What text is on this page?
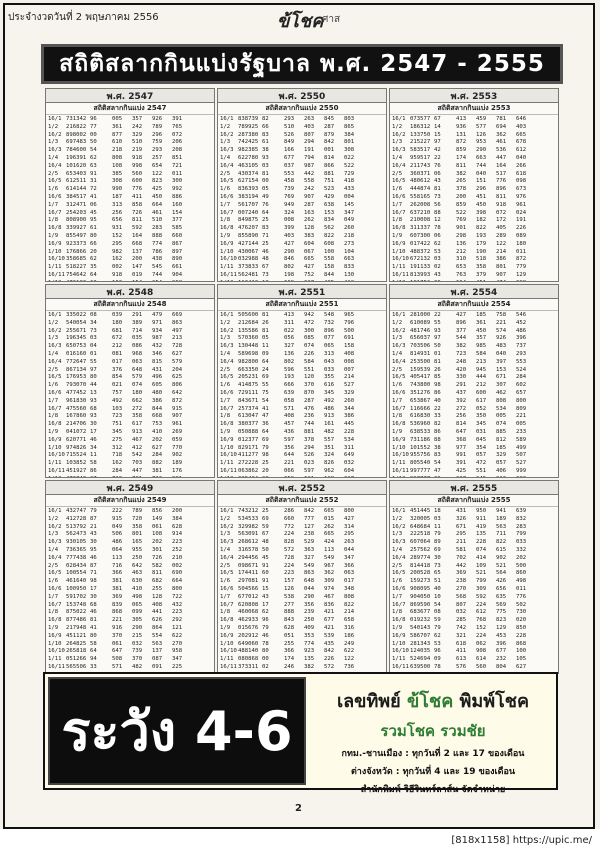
ประจำงวดวันที่ 2 พฤษภาคม 2556	ข้โชค
ศาส
สถิติสลากกินแบ่งรัฐบาล พ.ศ. 2547 - 2555
พ.ศ. 2547
สถิติสลากกินแบ่ง 2547
16/1 731342 96	005	357	926	391
1/2	216822 77	361	242	789	765
16/2 898002 00	877	329	296	072
1/3	697483 50	610	510	759	206
16/3 784600 54	218	219	293	208
1/4	196391 62	808	918	257	851
16/4 101620 63	108	998	654	721
2/5	653403 91	385	560	122	011
16/5 612511 31	308	600	823	300
1/6	614144 72	990	776	425	992
16/6 384517 41	187	411	450	886
1/7	312471 06	313	858	664	160
16/7 254203 45	256	726	461	154
1/8	808900 95	656	811	510	377
16/8 339927 61	931	592	283	585
1/9	855497 80	152	164	888	660
16/9 923373 66	295	668	774	867
1/10 176866 20	982	137	786	897
16/10 358685 62	162	200	438	890
1/11 518227 35	002	147	545	661
16/11 754642 64	918	019	744	904
พ.ศ. 2550
สถิติสลากกินแบ่ง 2550
16/1 838739 82	293	263	845	803
1/2	789925 66	510	403	287	865
16/2 287380 83	526	807	879	384
1/3	742425 61	849	294	842	801
16/3 982385 38	166	191	001	308
1/4	622780 93	677	794	814	022
16/4 463105 03	037	987	866	522
2/5	430374 81	553	442	881	729
16/5 627154 00	458	558	751	418
1/6	836393 05	739	242	523	433
16/6 383194 49	769	907	429	004
1/7	561707 76	949	287	638	145
16/7 007240 64	324	163	153	347
1/8	849875 25	008	262	834	049
16/8 476207 83	399	128	562	260
1/9	855890 71	403	383	822	218
16/9 427144 25	427	604	608	273
1/10 430067 46	290	067	100	104
16/10 032988 48	846	665	558	663
1/11 373833 67	802	427	158	833
16/11 562481 73	198	752	844	130
พ.ศ. 2553
สถิติสลากกินแบ่ง 2553
16/1 073577 67	413	459	781	646
1/2	186312 14	936	577	694	403
16/2 133750 15	131	126	362	665
1/3	215227 97	872	953	461	678
16/3 583517 42	859	290	536	612
1/4	959517 22	174	663	447	040
16/4 211743 76	811	744	164	266
2/5	360371 06	382	040	517	618
16/5 480612 43	265	151	776	098
1/6	444874 81	378	296	896	673
16/6 558165 73	200	451	811	976
1/7	262008 56	859	450	918	961
16/7 637210 88	522	398	072	024
1/8	210008 12	769	182	172	191
16/8 311337 78	901	822	405	226
1/9	607300 06	298	193	289	089
16/9 017422 62	136	179	122	180
1/10 488372 53	212	190	214	011
16/10 672132 03	310	518	386	872
1/11 191133 02	653	358	801	779
16/11 813993 43	763	379	907	129
พ.ศ. 2548
สถิติสลากกินแบ่ง 2548
16/1 335022 08	039	291	479	669
1/2	540054 34	180	389	971	863
16/2 255671 73	681	714	934	497
1/3	196345 03	672	035	987	213
16/3 650753 04	212	086	432	728
1/4	016160 01	081	968	346	627
16/4 772647 55	017	063	815	579
2/5	867134 97	376	648	431	204
16/5 176953 80	854	579	496	625
1/6	793070 44	021	074	605	806
16/6 477452 13	757	180	480	642
1/7	961830 93	492	662	386	872
16/7 475560 68	103	272	844	915
1/8	167860 93	723	358	668	907
16/8 214706 30	751	617	753	961
1/9	041072 17	345	913	410	269
16/9 620771 46	275	467	202	059
1/10 974826 34	312	412	627	770
16/10 715524 11	718	542	284	902
1/11 103852 58	162	703	882	189
16/11 451927 86	284	447	381	176
พ.ศ. 2551
สถิติสลากกินแบ่ง 2551
16/1 505600 81	413	942	548	965
1/2	212684 26	311	472	732	796
16/2 135586 81	022	300	896	500
1/3	570360 05	056	085	077	691
16/3 130448 11	327	074	065	158
1/4	589698 09	136	226	313	408
16/4 982800 64	802	584	043	008
2/5	663350 24	596	551	033	007
16/5 205231 69	193	120	355	214
1/6	414875 55	666	370	616	527
16/6 729111 75	639	870	345	329
1/7	843671 54	058	287	492	260
16/7 257374 41	571	476	486	344
1/8	613047 47	408	236	913	386
16/8 380377 36	457	744	161	445
1/9	050888 64	436	881	482	228
16/9 012377 69	597	378	557	534
1/10 829171 79	356	294	351	311
16/10 411277 98	644	526	324	649
1/11 272228 25	221	023	826	032
16/11 063862 20	066	597	962	604
พ.ศ. 2554
สถิติสลากกินแบ่ง 2554
16/1 281000 22	427	185	758	546
1/2	610089 55	896	361	221	452
16/2 481746 93	377	450	574	486
1/3	656037 97	544	357	926	396
16/3 703506 50	382	985	483	737
1/4	814931 01	723	584	040	293
16/4 253500 81	248	213	397	553
2/5	159539 26	420	945	153	524
16/5 405417 85	330	444	671	284
1/6	743800 98	291	212	307	602
16/6 351276 86	437	600	462	657
1/7	653867 40	392	617	808	800
16/7 116666 22	272	052	534	809
1/8	616830 33	256	350	005	221
16/8 536960 82	814	345	074	005
1/9	638533 86	647	031	885	233
16/9 731186 88	368	045	812	589
1/10 101552 38	977	354	185	499
16/10 955756 83	991	057	329	507
1/11 805540 54	391	472	057	527
16/11 997777 47	425	551	406	999
พ.ศ. 2549
สถิติสลากกินแบ่ง 2549
16/1 432747 79	222	789	856	200
1/2	412728 87	915	720	149	384
16/2 513792 21	049	358	061	628
1/3	562473 43	506	801	108	914
16/3 930105 30	486	165	202	223
1/4	736365 95	064	955	301	252
16/4 777438 46	113	250	726	210
2/5	028434 87	716	642	582	002
16/5 100554 71	366	463	811	690
1/6	461640 98	381	630	682	664
16/6 100950 17	381	410	255	800
1/7	591702 30	369	498	128	722
16/7 153748 68	839	065	408	432
1/8	875022 46	868	099	441	223
16/8 877486 81	221	305	626	292
1/9	217948 41	916	290	864	121
16/9 451121 80	370	215	554	622
1/10 264825 58	061	032	563	270
16/10 265818 64	647	739	137	958
1/11 051266 94	508	370	087	347
16/11 565506 33	571	482	091	225
พ.ศ. 2552
สถิติสลากกินแบ่ง 2552
16/1 743212 25	286	842	665	800
1/2	534533 69	660	777	015	427
16/2 329982 59	772	127	262	314
1/3	563091 67	224	238	665	295
16/3 268612 48	828	529	424	263
1/4	316578 50	572	363	113	044
16/4 294456 45	728	327	549	347
2/5	098671 91	224	549	967	366
16/5 174411 60	223	863	362	063
1/6	297081 91	157	648	309	017
16/6 504566 15	126	044	974	348
1/7	677012 43	538	290	467	808
16/7 620808 17	277	356	836	822
1/8	460068 62	888	239	421	214
16/8 462933 96	843	250	677	658
1/9	015676 79	628	409	421	316
16/9 202912 46	051	353	539	186
1/10 649060 78	255	774	435	249
16/10 488140 80	366	923	842	622
1/11 080868 00	174	135	226	122
16/11 373311 02	246	382	572	736
พ.ศ. 2555
สถิติสลากกินแบ่ง 2555
16/1 451445 18	431	950	941	639
1/2	320005 03	326	911	189	832
16/2 648684 11	671	419	563	283
1/3	222518 79	295	135	711	799
16/3 607064 89	211	228	822	033
1/4	257562 69	581	074	615	332
16/4 289774 30	702	414	902	202
2/5	814418 73	442	109	521	500
16/5 200528 65	369	521	564	860
1/6	159273 51	238	799	426	498
16/6 908095 40	270	309	656	011
1/7	904050 10	568	592	635	776
16/7 869590 54	807	224	569	502
1/8	683677 08	032	612	775	730
16/8 019232 59	285	768	823	020
1/9	540143 79	742	152	129	850
16/9 586707 62	321	224	453	228
1/10 281343 53	618	062	396	868
16/10 124035 96	411	908	677	100
1/11 524694 09	613	614	232	105
16/11 639500 78	576	560	804	627
ระวัง 4-6	เลขทิพย์ ข้โชค พิมพ์โชค
รวมโชค รวมชัย
กทม.-ชานเมือง : ทุกวันที่ 2 และ 17 ของเดือน
ต่างจังหวัด : ทุกวันที่ 4 และ 19 ของเดือน
สำนักพิมพ์ วิธีรินทร์ลาส์น จัดจำหน่าย
2
[818x1158] https://upic.me/
